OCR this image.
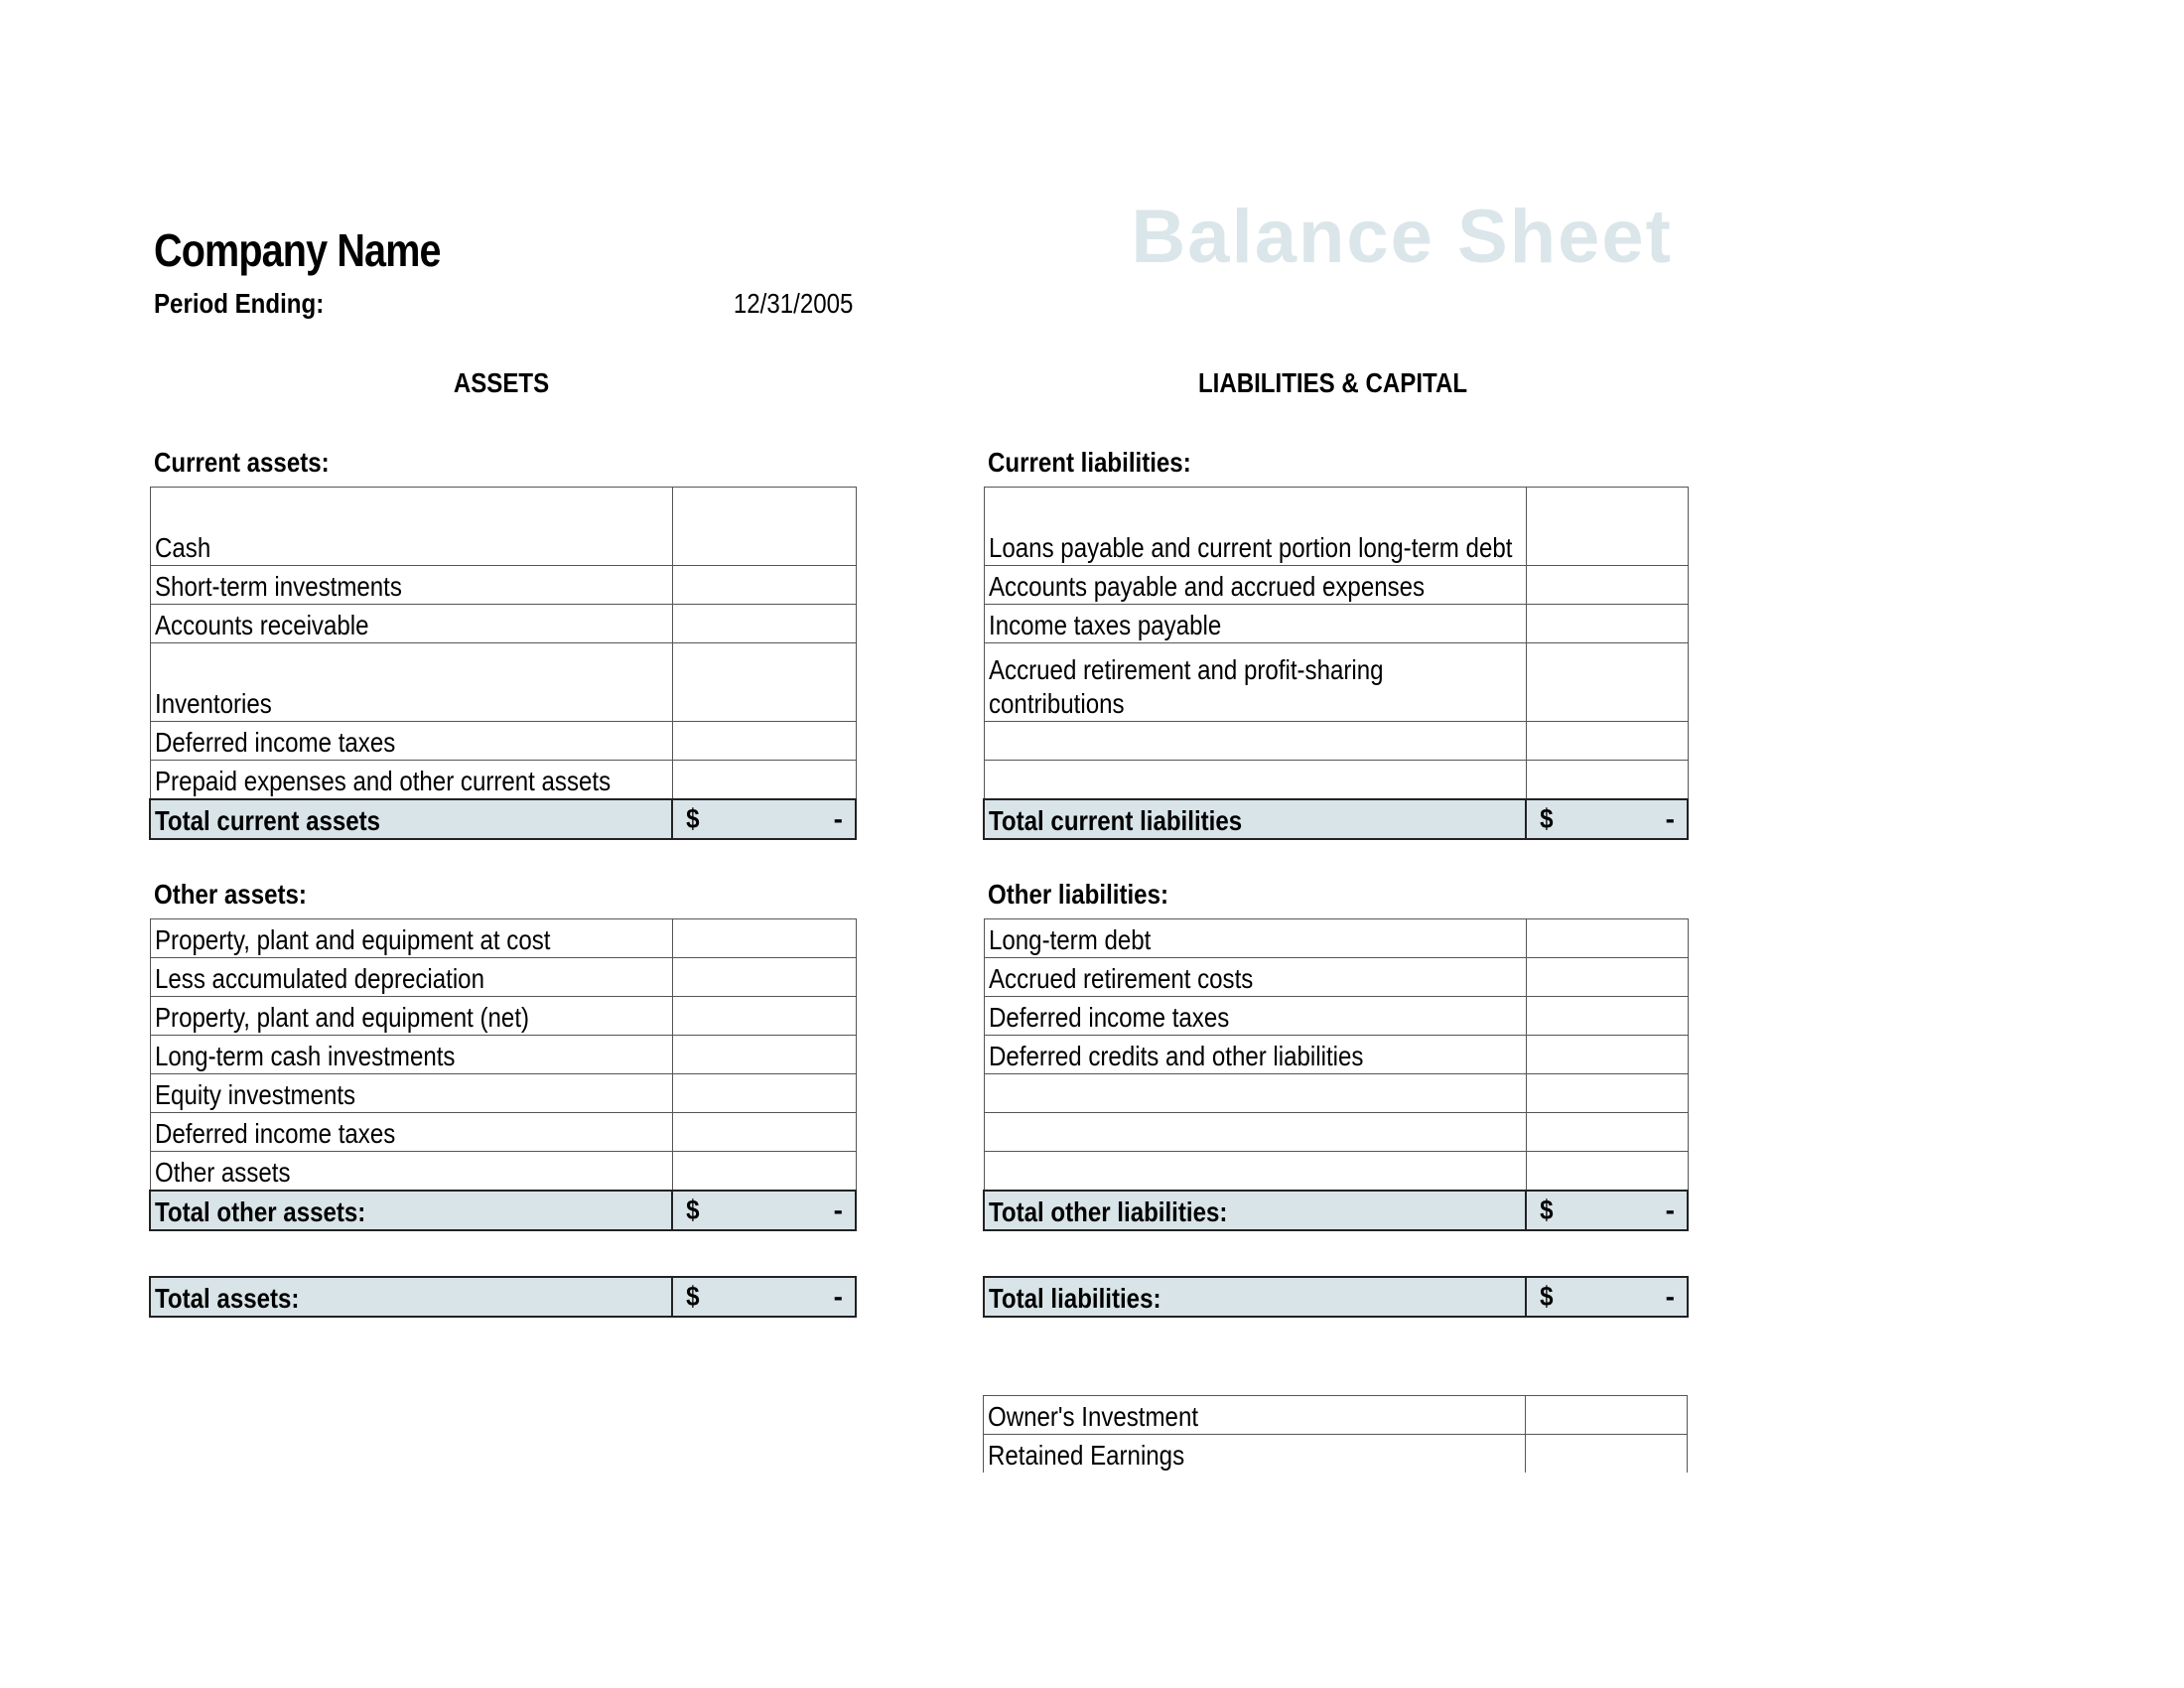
Company Name
Period Ending:	12/31/2005
Balance Sheet
ASSETS	LIABILITIES & CAPITAL
Current assets:
Cash	
Short-term investments	
Accounts receivable	
Inventories	
Deferred income taxes	
Prepaid expenses and other current assets	
Total current assets	$ -
Other assets:
Property, plant and equipment at cost	
Less accumulated depreciation	
Property, plant and equipment (net)	
Long-term cash investments	
Equity investments	
Deferred income taxes	
Other assets	
Total other assets:	$ -
Total assets:	$	-
Current liabilities:
Loans payable and current portion long-term debt	
Accounts payable and accrued expenses	
Income taxes payable	
Accrued retirement and profit-sharing contributions	

Total current liabilities	$ -
Other liabilities:
Long-term debt	
Accrued retirement costs	
Deferred income taxes	
Deferred credits and other liabilities	

Total other liabilities:	$ -
Total liabilities:	$	-
Owner's Investment	
Retained Earnings	
